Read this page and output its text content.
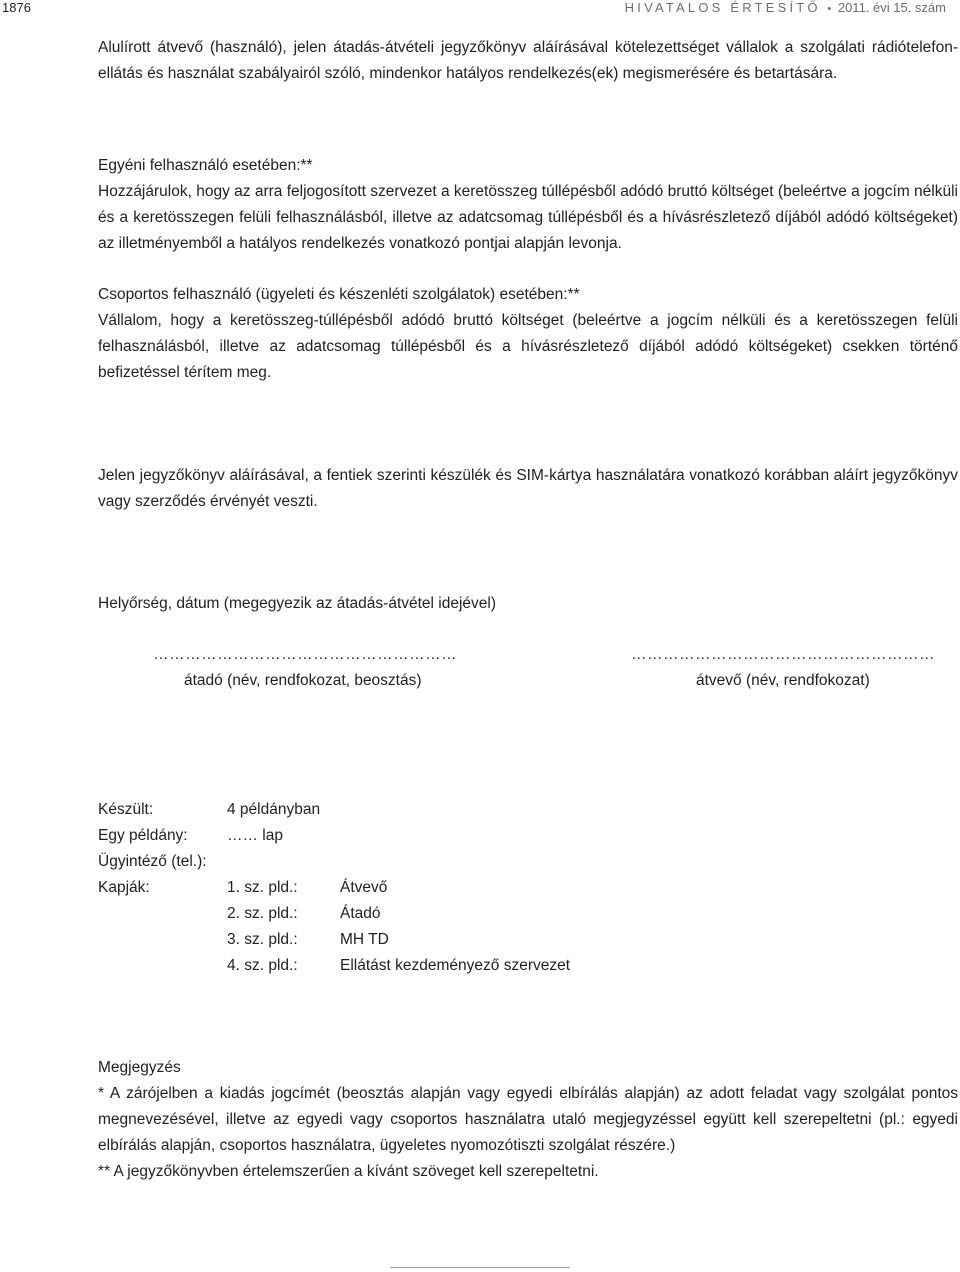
1876	HIVATALOS ÉRTESÍTŐ • 2011. évi 15. szám

Alulírott átvevő (használó), jelen átadás-átvételi jegyzőkönyv aláírásával kötelezettséget vállalok a szolgálati rádiótelefon-ellátás és használat szabályairól szóló, mindenkor hatályos rendelkezés(ek) megismerésére és betartására.

Egyéni felhasználó esetében:**
Hozzájárulok, hogy az arra feljogosított szervezet a keretösszeg túllépésből adódó bruttó költséget (beleértve a jogcím nélküli és a keretösszegen felüli felhasználásból, illetve az adatcsomag túllépésből és a hívásrészletező díjából adódó költségeket) az illetményemből a hatályos rendelkezés vonatkozó pontjai alapján levonja.
Csoportos felhasználó (ügyeleti és készenléti szolgálatok) esetében:**
Vállalom, hogy a keretösszeg-túllépésből adódó bruttó költséget (beleértve a jogcím nélküli és a keretösszegen felüli felhasználásból, illetve az adatcsomag túllépésből és a hívásrészletező díjából adódó költségeket) csekken történő befizetéssel térítem meg.

Jelen jegyzőkönyv aláírásával, a fentiek szerinti készülék és SIM-kártya használatára vonatkozó korábban aláírt jegyzőkönyv vagy szerződés érvényét veszti.

Helyőrség, dátum (megegyezik az átadás-átvétel idejével)

…………………………………………………	…………………………………………………
átadó (név, rendfokozat, beosztás)	átvevő (név, rendfokozat)
Készült:	4 példányban
Egy példány:	…… lap
Ügyintéző (tel.):
Kapják:	1. sz. pld.:	Átvevő
2. sz. pld.:	Átadó
3. sz. pld.:	MH TD
4. sz. pld.:	Ellátást kezdeményező szervezet
Megjegyzés
* A zárójelben a kiadás jogcímét (beosztás alapján vagy egyedi elbírálás alapján) az adott feladat vagy szolgálat pontos megnevezésével, illetve az egyedi vagy csoportos használatra utaló megjegyzéssel együtt kell szerepeltetni (pl.: egyedi elbírálás alapján, csoportos használatra, ügyeletes nyomozótiszti szolgálat részére.)
** A jegyzőkönyvben értelemszerűen a kívánt szöveget kell szerepeltetni.
